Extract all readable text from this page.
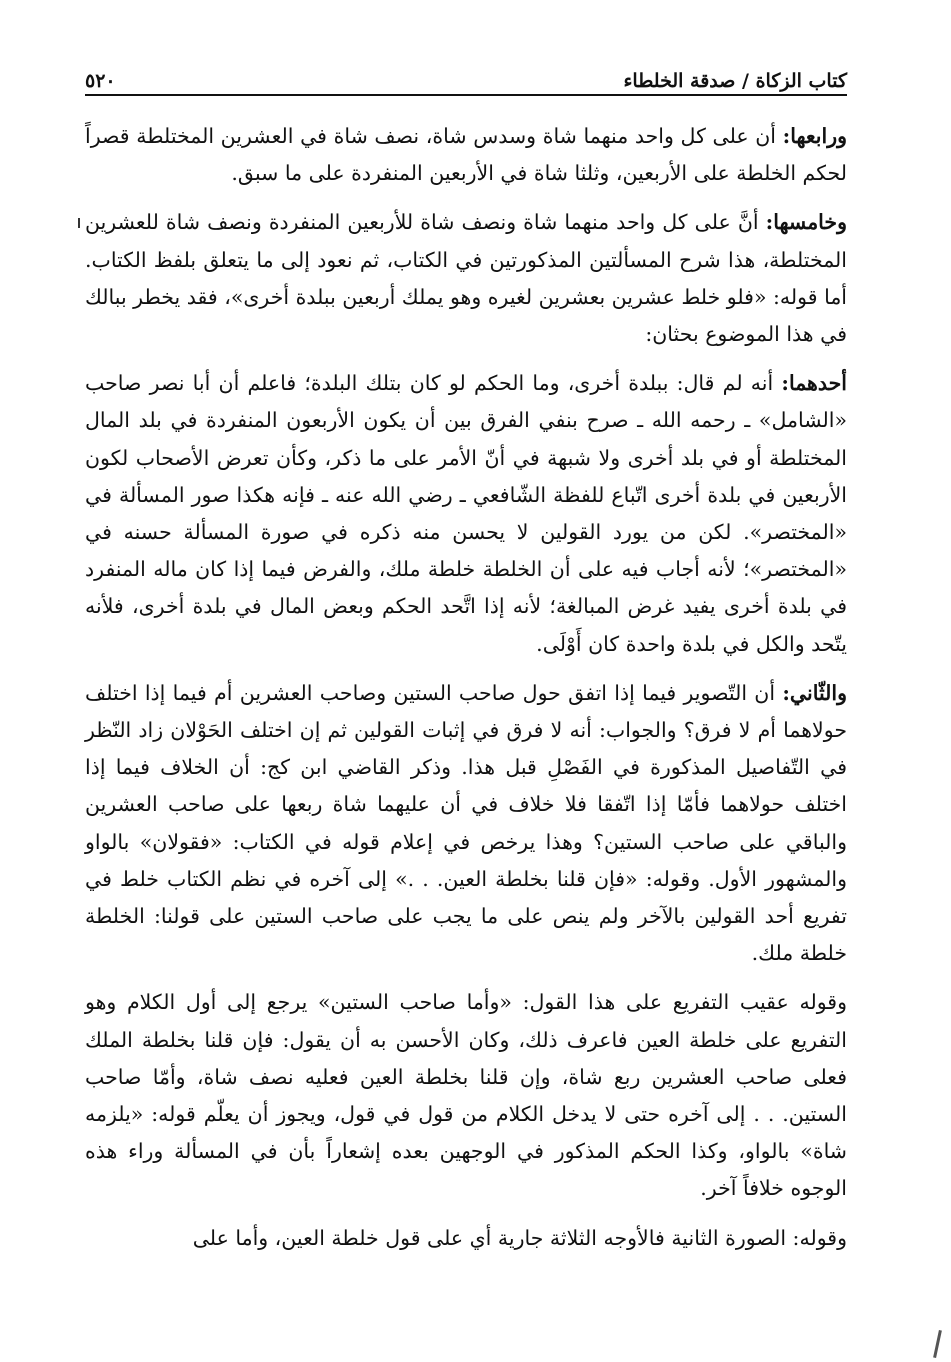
كتاب الزكاة / صدقة الخلطاء
٥٢٠

ورابعها: أن على كل واحد منهما شاة وسدس شاة، نصف شاة في العشرين المختلطة قصراً لحكم الخلطة على الأربعين، وثلثا شاة في الأربعين المنفردة على ما سبق.

وخامسها: أنَّ على كل واحد منهما شاة ونصف شاة للأربعين المنفردة ونصف شاة للعشرين المختلطة، هذا شرح المسألتين المذكورتين في الكتاب، ثم نعود إلى ما يتعلق بلفظ الكتاب. أما قوله: «فلو خلط عشرين بعشرين لغيره وهو يملك أربعين ببلدة أخرى»، فقد يخطر ببالك في هذا الموضوع بحثان:

أحدهما: أنه لم قال: ببلدة أخرى، وما الحكم لو كان بتلك البلدة؛ فاعلم أن أبا نصر صاحب «الشامل» ـ رحمه الله ـ صرح بنفي الفرق بين أن يكون الأربعون المنفردة في بلد المال المختلطة أو في بلد أخرى ولا شبهة في أنّ الأمر على ما ذكر، وكأن تعرض الأصحاب لكون الأربعين في بلدة أخرى اتّباع للفظة الشّافعي ـ رضي الله عنه ـ فإنه هكذا صور المسألة في «المختصر». لكن من يورد القولين لا يحسن منه ذكره في صورة المسألة حسنه في «المختصر»؛ لأنه أجاب فيه على أن الخلطة خلطة ملك، والفرض فيما إذا كان ماله المنفرد في بلدة أخرى يفيد غرض المبالغة؛ لأنه إذا اتَّحد الحكم وبعض المال في بلدة أخرى، فلأنه يتّحد والكل في بلدة واحدة كان أَوْلَى.

والثّاني: أن التّصوير فيما إذا اتفق حول صاحب الستين وصاحب العشرين أم فيما إذا اختلف حولاهما أم لا فرق؟ والجواب: أنه لا فرق في إثبات القولين ثم إن اختلف الحَوْلان زاد النّظر في التّفاصيل المذكورة في الفَصْلِ قبل هذا. وذكر القاضي ابن كج: أن الخلاف فيما إذا اختلف حولاهما فأمّا إذا اتّفقا فلا خلاف في أن عليهما شاة ربعها على صاحب العشرين والباقي على صاحب الستين؟ وهذا يرخص في إعلام قوله في الكتاب: «فقولان» بالواو والمشهور الأول. وقوله: «فإن قلنا بخلطة العين. . .» إلى آخره في نظم الكتاب خلط في تفريع أحد القولين بالآخر ولم ينص على ما يجب على صاحب الستين على قولنا: الخلطة خلطة ملك.

وقوله عقيب التفريع على هذا القول: «وأما صاحب الستين» يرجع إلى أول الكلام وهو التفريع على خلطة العين فاعرف ذلك، وكان الأحسن به أن يقول: فإن قلنا بخلطة الملك فعلى صاحب العشرين ربع شاة، وإن قلنا بخلطة العين فعليه نصف شاة، وأمّا صاحب الستين. . . إلى آخره حتى لا يدخل الكلام من قول في قول، ويجوز أن يعلّم قوله: «يلزمه شاة» بالواو، وكذا الحكم المذكور في الوجهين بعده إشعاراً بأن في المسألة وراء هذه الوجوه خلافاً آخر.

وقوله: الصورة الثانية فالأوجه الثلاثة جارية أي على قول خلطة العين، وأما على
